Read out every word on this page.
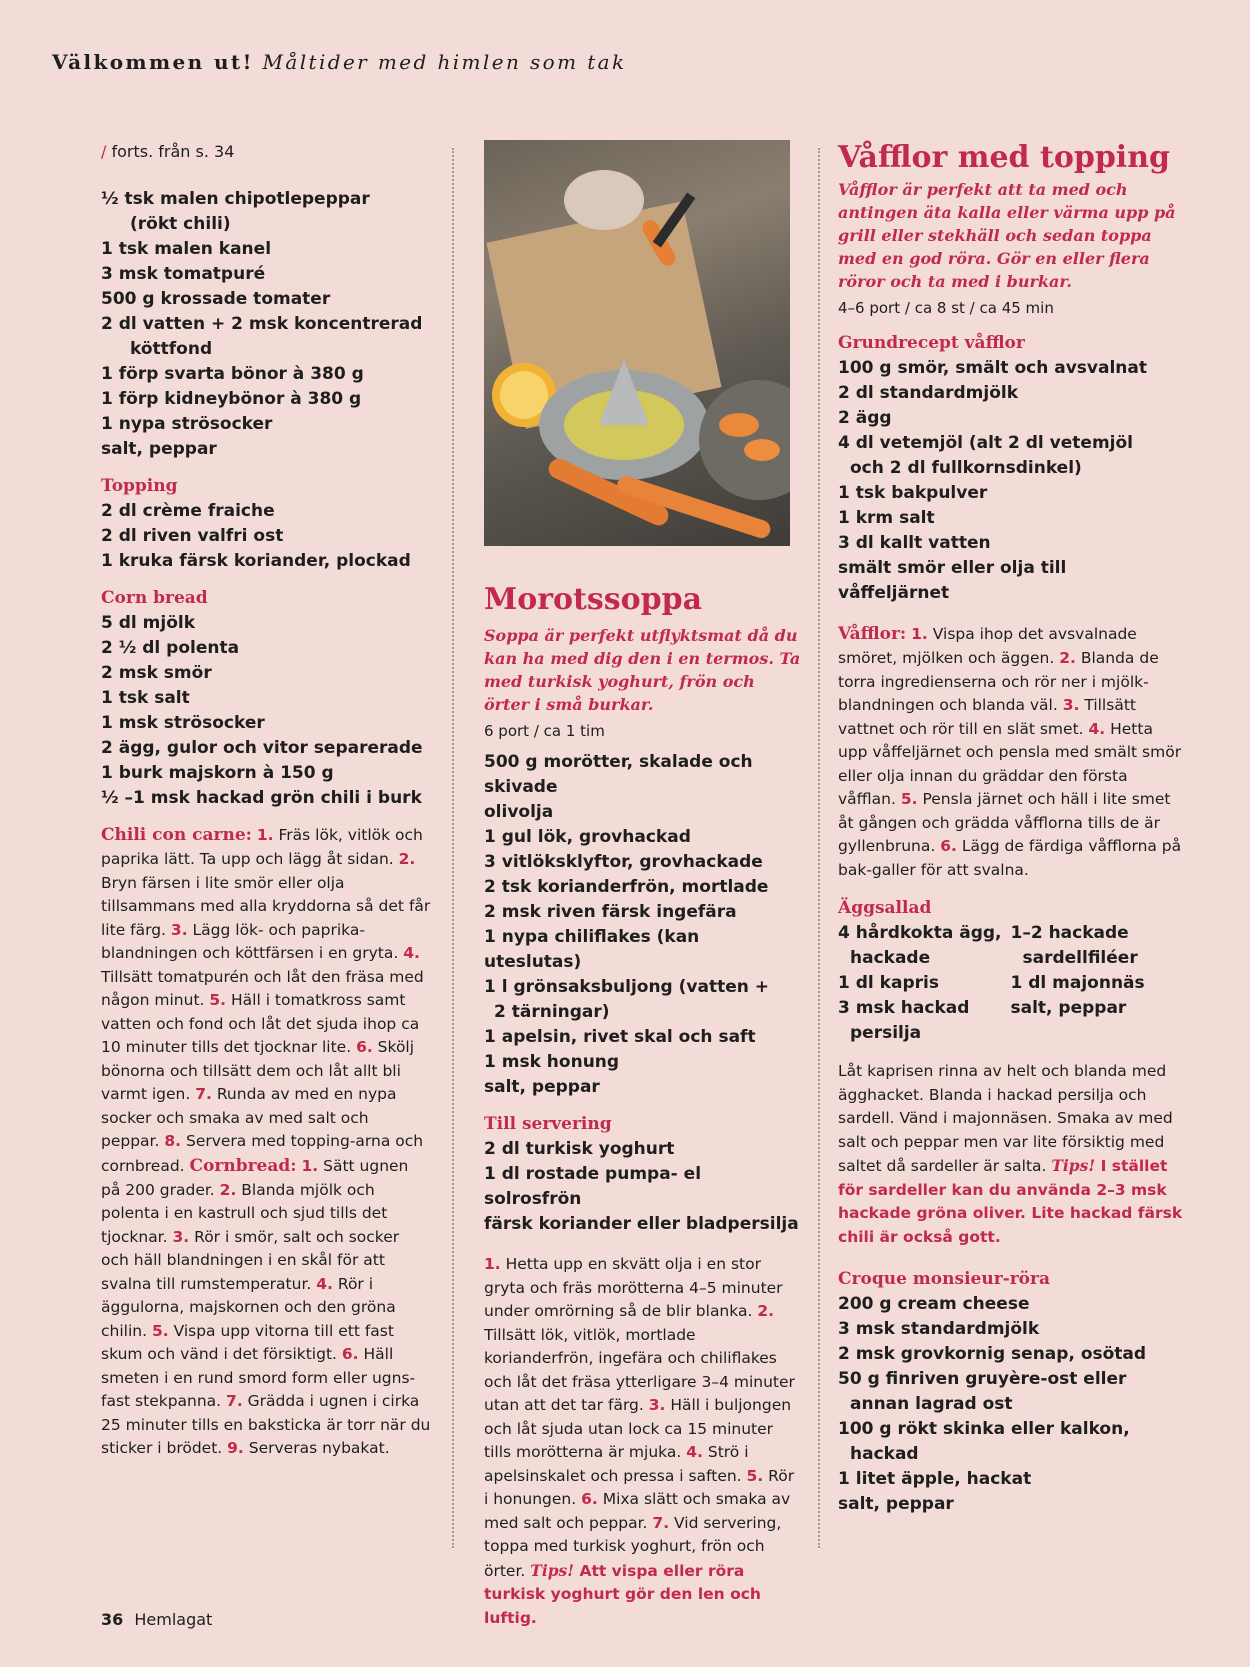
Välkommen ut! Måltider med himlen som tak
/ forts. från s. 34
½ tsk malen chipotlepeppar
(rökt chili)
1 tsk malen kanel
3 msk tomatpuré
500 g krossade tomater
2 dl vatten + 2 msk koncentrerad
köttfond
1 förp svarta bönor à 380 g
1 förp kidneybönor à 380 g
1 nypa strösocker
salt, peppar
Topping
2 dl crème fraiche
2 dl riven valfri ost
1 kruka färsk koriander, plockad
Corn bread
5 dl mjölk
2 ½ dl polenta
2 msk smör
1 tsk salt
1 msk strösocker
2 ägg, gulor och vitor separerade
1 burk majskorn à 150 g
½ –1 msk hackad grön chili i burk
Chili con carne: 1. Fräs lök, vitlök och paprika lätt. Ta upp och lägg åt sidan. 2. Bryn färsen i lite smör eller olja tillsammans med alla kryddorna så det får lite färg. 3. Lägg lök- och paprika-blandningen och köttfärsen i en gryta. 4. Tillsätt tomatpurén och låt den fräsa med någon minut. 5. Häll i tomatkross samt vatten och fond och låt det sjuda ihop ca 10 minuter tills det tjocknar lite. 6. Skölj bönorna och tillsätt dem och låt allt bli varmt igen. 7. Runda av med en nypa socker och smaka av med salt och peppar. 8. Servera med topping-arna och cornbread. Cornbread: 1. Sätt ugnen på 200 grader. 2. Blanda mjölk och polenta i en kastrull och sjud tills det tjocknar. 3. Rör i smör, salt och socker och häll blandningen i en skål för att svalna till rumstemperatur. 4. Rör i äggulorna, majskornen och den gröna chilin. 5. Vispa upp vitorna till ett fast skum och vänd i det försiktigt. 6. Häll smeten i en rund smord form eller ugns-fast stekpanna. 7. Grädda i ugnen i cirka 25 minuter tills en baksticka är torr när du sticker i brödet. 9. Serveras nybakat.
Morotssoppa
Soppa är perfekt utflyktsmat då du kan ha med dig den i en termos. Ta med turkisk yoghurt, frön och örter i små burkar.
6 port / ca 1 tim
500 g morötter, skalade och skivade
olivolja
1 gul lök, grovhackad
3 vitlöksklyftor, grovhackade
2 tsk korianderfrön, mortlade
2 msk riven färsk ingefära
1 nypa chiliflakes (kan uteslutas)
1 l grönsaksbuljong (vatten +
2 tärningar)
1 apelsin, rivet skal och saft
1 msk honung
salt, peppar
Till servering
2 dl turkisk yoghurt
1 dl rostade pumpa- el solrosfrön
färsk koriander eller bladpersilja
1. Hetta upp en skvätt olja i en stor gryta och fräs morötterna 4–5 minuter under omrörning så de blir blanka. 2. Tillsätt lök, vitlök, mortlade korianderfrön, ingefära och chiliflakes och låt det fräsa ytterligare 3–4 minuter utan att det tar färg. 3. Häll i buljongen och låt sjuda utan lock ca 15 minuter tills morötterna är mjuka. 4. Strö i apelsinskalet och pressa i saften. 5. Rör i honungen. 6. Mixa slätt och smaka av med salt och peppar. 7. Vid servering, toppa med turkisk yoghurt, frön och örter. Tips! Att vispa eller röra turkisk yoghurt gör den len och luftig.
Våfflor med topping
Våfflor är perfekt att ta med och antingen äta kalla eller värma upp på grill eller stekhäll och sedan toppa med en god röra. Gör en eller flera röror och ta med i burkar.
4–6 port / ca 8 st / ca 45 min
Grundrecept våfflor
100 g smör, smält och avsvalnat
2 dl standardmjölk
2 ägg
4 dl vetemjöl (alt 2 dl vetemjöl
och 2 dl fullkornsdinkel)
1 tsk bakpulver
1 krm salt
3 dl kallt vatten
smält smör eller olja till våffeljärnet
Våfflor: 1. Vispa ihop det avsvalnade smöret, mjölken och äggen. 2. Blanda de torra ingredienserna och rör ner i mjölk-blandningen och blanda väl. 3. Tillsätt vattnet och rör till en slät smet. 4. Hetta upp våffeljärnet och pensla med smält smör eller olja innan du gräddar den första våfflan. 5. Pensla järnet och häll i lite smet åt gången och grädda våfflorna tills de är gyllenbruna. 6. Lägg de färdiga våfflorna på bak-galler för att svalna.
Äggsallad
4 hårdkokta ägg,
hackade
1 dl kapris
3 msk hackad
persilja
1–2 hackade
sardellfiléer
1 dl majonnäs
salt, peppar
Låt kaprisen rinna av helt och blanda med ägghacket. Blanda i hackad persilja och sardell. Vänd i majonnäsen. Smaka av med salt och peppar men var lite försiktig med saltet då sardeller är salta. Tips! I stället för sardeller kan du använda 2–3 msk hackade gröna oliver. Lite hackad färsk chili är också gott.
Croque monsieur-röra
200 g cream cheese
3 msk standardmjölk
2 msk grovkornig senap, osötad
50 g finriven gruyère-ost eller
annan lagrad ost
100 g rökt skinka eller kalkon,
hackad
1 litet äpple, hackat
salt, peppar
36 Hemlagat
